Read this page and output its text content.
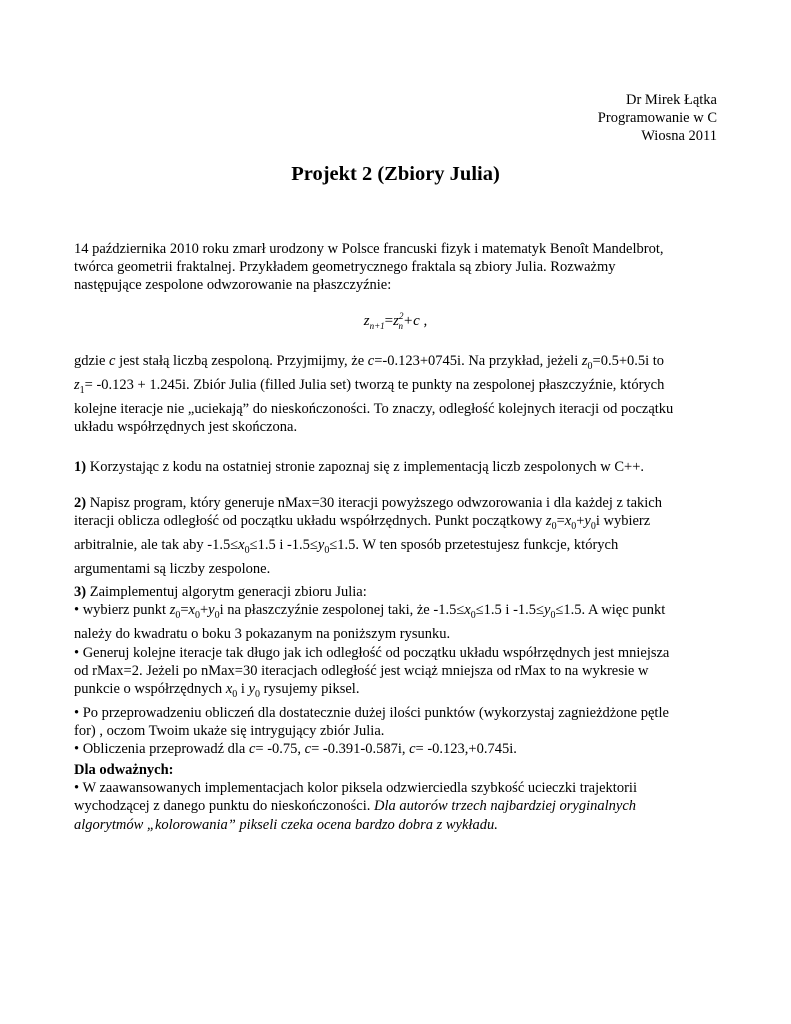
Dr Mirek Łątka
Programowanie w C
Wiosna 2011
Projekt 2 (Zbiory Julia)
14 października 2010 roku zmarł urodzony w Polsce francuski fizyk i matematyk Benoît Mandelbrot,
twórca geometrii fraktalnej. Przykładem geometrycznego fraktala są zbiory Julia. Rozważmy
następujące zespolone odwzorowanie na płaszczyźnie:
$z_{n+1}=z^2_n+c$ ,
gdzie c jest stałą liczbą zespoloną. Przyjmijmy, że c=-0.123+0745i. Na przykład, jeżeli $z_0=0.5+0.5i$ to
$z_1= -0.123 + 1.245i$. Zbiór Julia (filled Julia set) tworzą te punkty na zespolonej płaszczyźnie, których
kolejne iteracje nie „uciekają” do nieskończoności. To znaczy, odległość kolejnych iteracji od początku
układu współrzędnych jest skończona.
1) Korzystając z kodu na ostatniej stronie zapoznaj się z implementacją liczb zespolonych w C++.
2) Napisz program, który generuje nMax=30 iteracji powyższego odwzorowania i dla każdej z takich
iteracji oblicza odległość od początku układu współrzędnych. Punkt początkowy $z_0=x_0+y_0i$ wybierz
arbitralnie, ale tak aby $-1.5\le x_0\le 1.5$ i $-1.5\le y_0\le 1.5$. W ten sposób przetestujesz funkcje, których
argumentami są liczby zespolone.
3) Zaimplementuj algorytm generacji zbioru Julia:
• wybierz punkt $z_0=x_0+y_0i$ na płaszczyźnie zespolonej taki, że $-1.5\le x_0\le 1.5$ i $-1.5\le y_0\le 1.5$. A więc punkt
należy do kwadratu o boku 3 pokazanym na poniższym rysunku.
• Generuj kolejne iteracje tak długo jak ich odległość od początku układu współrzędnych jest mniejsza
od rMax=2. Jeżeli po nMax=30 iteracjach odległość jest wciąż mniejsza od rMax to na wykresie w
punkcie o współrzędnych $x_0$ i $y_0$ rysujemy piksel.
• Po przeprowadzeniu obliczeń dla dostatecznie dużej ilości punktów (wykorzystaj zagnieżdżone pętle
for) , oczom Twoim ukaże się intrygujący zbiór Julia.
• Obliczenia przeprowadź dla c= -0.75, c= -0.391-0.587i, c= -0.123,+0.745i.
Dla odważnych:
• W zaawansowanych implementacjach kolor piksela odzwierciedla szybkość ucieczki trajektorii
wychodzącej z danego punktu do nieskończoności. Dla autorów trzech najbardziej oryginalnych
algorytmów „kolorowania” pikseli czeka ocena bardzo dobra z wykładu.
